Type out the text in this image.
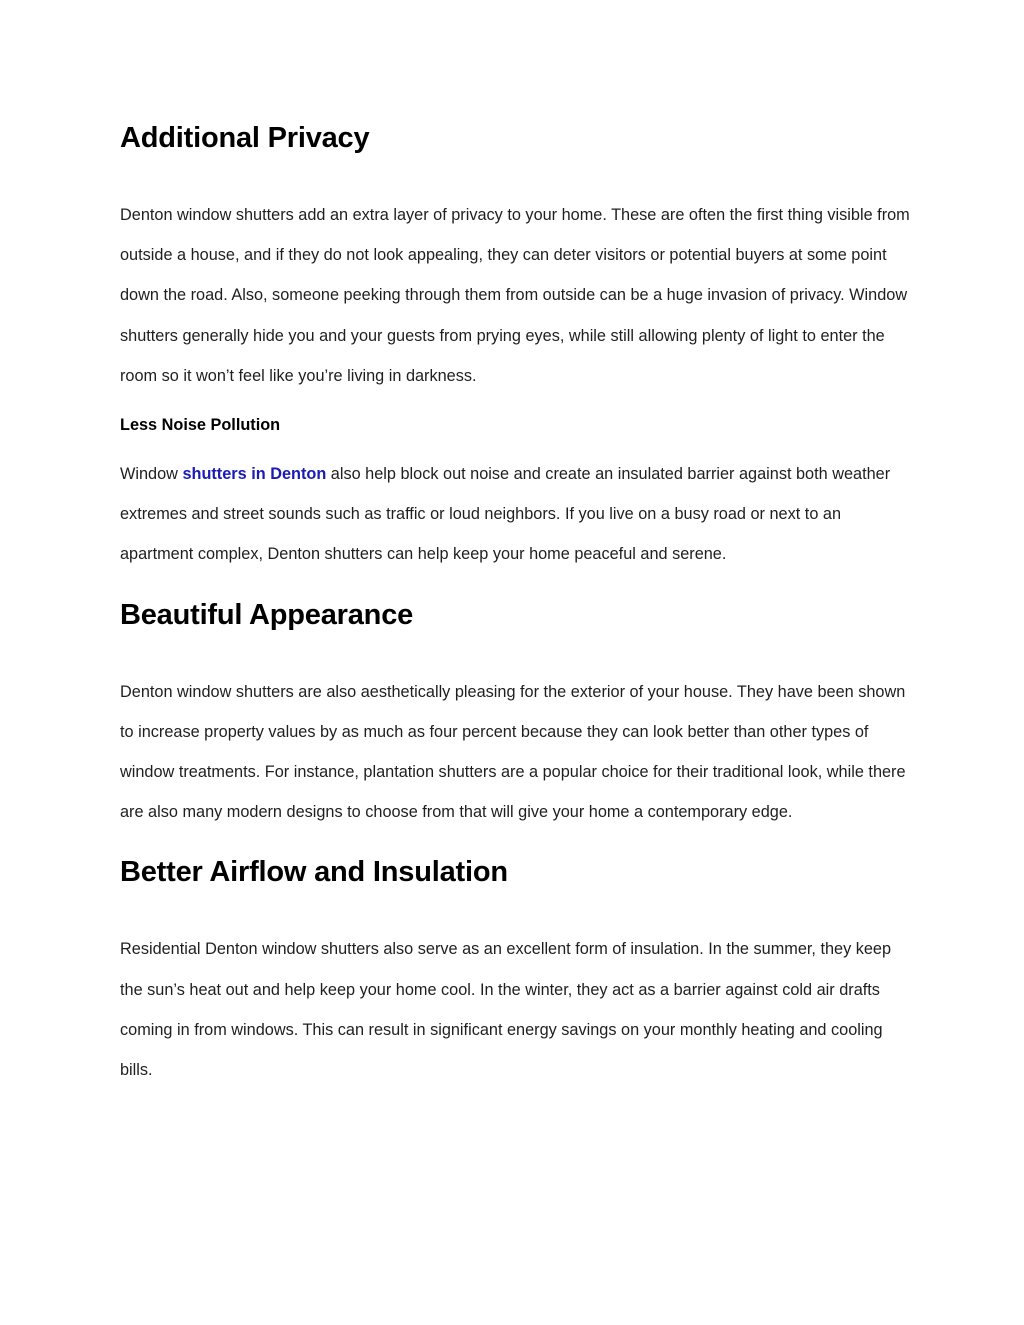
Additional Privacy

Denton window shutters add an extra layer of privacy to your home. These are often the first thing visible from outside a house, and if they do not look appealing, they can deter visitors or potential buyers at some point down the road. Also, someone peeking through them from outside can be a huge invasion of privacy. Window shutters generally hide you and your guests from prying eyes, while still allowing plenty of light to enter the room so it won’t feel like you’re living in darkness.

Less Noise Pollution

Window shutters in Denton also help block out noise and create an insulated barrier against both weather extremes and street sounds such as traffic or loud neighbors. If you live on a busy road or next to an apartment complex, Denton shutters can help keep your home peaceful and serene.

Beautiful Appearance

Denton window shutters are also aesthetically pleasing for the exterior of your house. They have been shown to increase property values by as much as four percent because they can look better than other types of window treatments. For instance, plantation shutters are a popular choice for their traditional look, while there are also many modern designs to choose from that will give your home a contemporary edge.

Better Airflow and Insulation

Residential Denton window shutters also serve as an excellent form of insulation. In the summer, they keep the sun’s heat out and help keep your home cool. In the winter, they act as a barrier against cold air drafts coming in from windows. This can result in significant energy savings on your monthly heating and cooling bills.
